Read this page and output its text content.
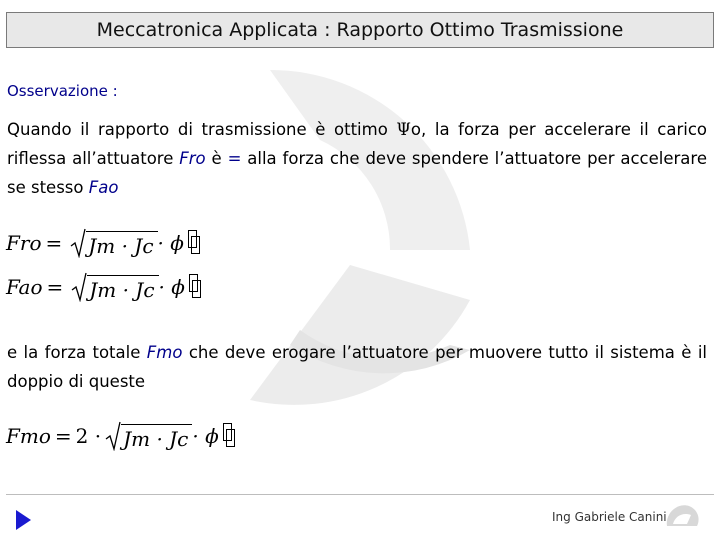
Meccatronica Applicata : Rapporto Ottimo Trasmissione
Osservazione :
Quando il rapporto di trasmissione è ottimo Ψo, la forza per accelerare il carico riflessa all’attuatore Fro è = alla forza che deve spendere l’attuatore per accelerare se stesso Fao
Fro = Jm · Jc · ϕ
Fao = Jm · Jc · ϕ
e la forza totale Fmo che deve erogare l’attuatore per muovere tutto il sistema è il doppio di queste
Fmo = 2 · Jm · Jc · ϕ
Ing Gabriele Canini
